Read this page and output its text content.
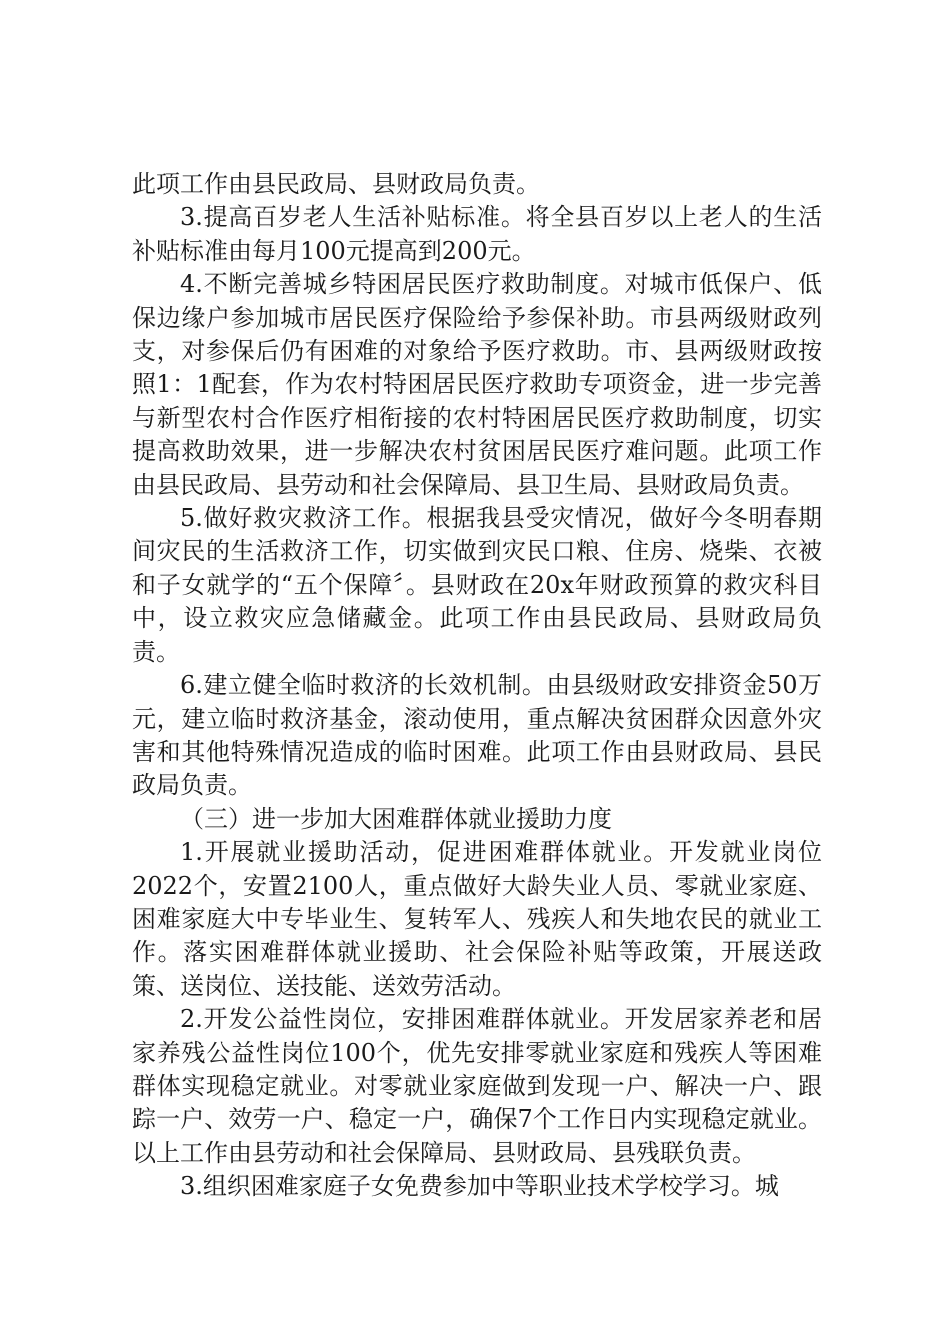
此项工作由县民政局、县财政局负责。

3.提高百岁老人生活补贴标准。将全县百岁以上老人的生活补贴标准由每月100元提高到200元。

4.不断完善城乡特困居民医疗救助制度。对城市低保户、低保边缘户参加城市居民医疗保险给予参保补助。市县两级财政列支，对参保后仍有困难的对象给予医疗救助。市、县两级财政按照1：1配套，作为农村特困居民医疗救助专项资金，进一步完善与新型农村合作医疗相衔接的农村特困居民医疗救助制度，切实提高救助效果，进一步解决农村贫困居民医疗难问题。此项工作由县民政局、县劳动和社会保障局、县卫生局、县财政局负责。

5.做好救灾救济工作。根据我县受灾情况，做好今冬明春期间灾民的生活救济工作，切实做到灾民口粮、住房、烧柴、衣被和子女就学的“五个保障〞。县财政在20x年财政预算的救灾科目中，设立救灾应急储藏金。此项工作由县民政局、县财政局负责。

6.建立健全临时救济的长效机制。由县级财政安排资金50万元，建立临时救济基金，滚动使用，重点解决贫困群众因意外灾害和其他特殊情况造成的临时困难。此项工作由县财政局、县民政局负责。

（三）进一步加大困难群体就业援助力度

1.开展就业援助活动，促进困难群体就业。开发就业岗位2022个，安置2100人，重点做好大龄失业人员、零就业家庭、困难家庭大中专毕业生、复转军人、残疾人和失地农民的就业工作。落实困难群体就业援助、社会保险补贴等政策，开展送政策、送岗位、送技能、送效劳活动。

2.开发公益性岗位，安排困难群体就业。开发居家养老和居家养残公益性岗位100个，优先安排零就业家庭和残疾人等困难群体实现稳定就业。对零就业家庭做到发现一户、解决一户、跟踪一户、效劳一户、稳定一户，确保7个工作日内实现稳定就业。以上工作由县劳动和社会保障局、县财政局、县残联负责。

3.组织困难家庭子女免费参加中等职业技术学校学习。城
